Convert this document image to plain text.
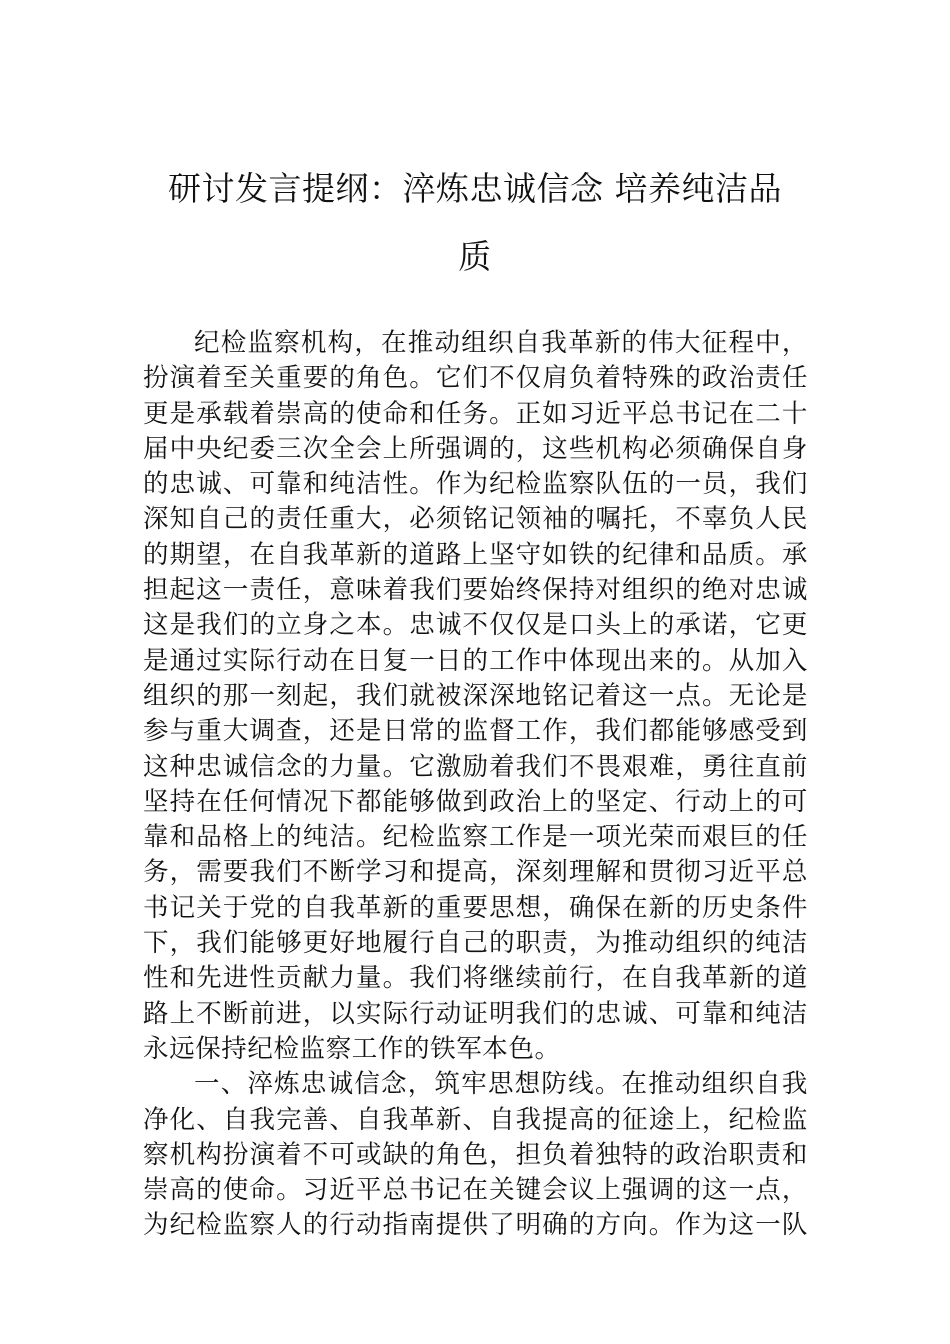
研讨发言提纲：淬炼忠诚信念 培养纯洁品
质

纪检监察机构，在推动组织自我革新的伟大征程中，扮演着至关重要的角色。它们不仅肩负着特殊的政治责任更是承载着崇高的使命和任务。正如习近平总书记在二十届中央纪委三次全会上所强调的，这些机构必须确保自身的忠诚、可靠和纯洁性。作为纪检监察队伍的一员，我们深知自己的责任重大，必须铭记领袖的嘱托，不辜负人民的期望，在自我革新的道路上坚守如铁的纪律和品质。承担起这一责任，意味着我们要始终保持对组织的绝对忠诚这是我们的立身之本。忠诚不仅仅是口头上的承诺，它更是通过实际行动在日复一日的工作中体现出来的。从加入组织的那一刻起，我们就被深深地铭记着这一点。无论是参与重大调查，还是日常的监督工作，我们都能够感受到这种忠诚信念的力量。它激励着我们不畏艰难，勇往直前坚持在任何情况下都能够做到政治上的坚定、行动上的可靠和品格上的纯洁。纪检监察工作是一项光荣而艰巨的任务，需要我们不断学习和提高，深刻理解和贯彻习近平总书记关于党的自我革新的重要思想，确保在新的历史条件下，我们能够更好地履行自己的职责，为推动组织的纯洁性和先进性贡献力量。我们将继续前行，在自我革新的道路上不断前进，以实际行动证明我们的忠诚、可靠和纯洁永远保持纪检监察工作的铁军本色。

一、淬炼忠诚信念，筑牢思想防线。在推动组织自我净化、自我完善、自我革新、自我提高的征途上，纪检监察机构扮演着不可或缺的角色，担负着独特的政治职责和崇高的使命。习近平总书记在关键会议上强调的这一点，为纪检监察人的行动指南提供了明确的方向。作为这一队
